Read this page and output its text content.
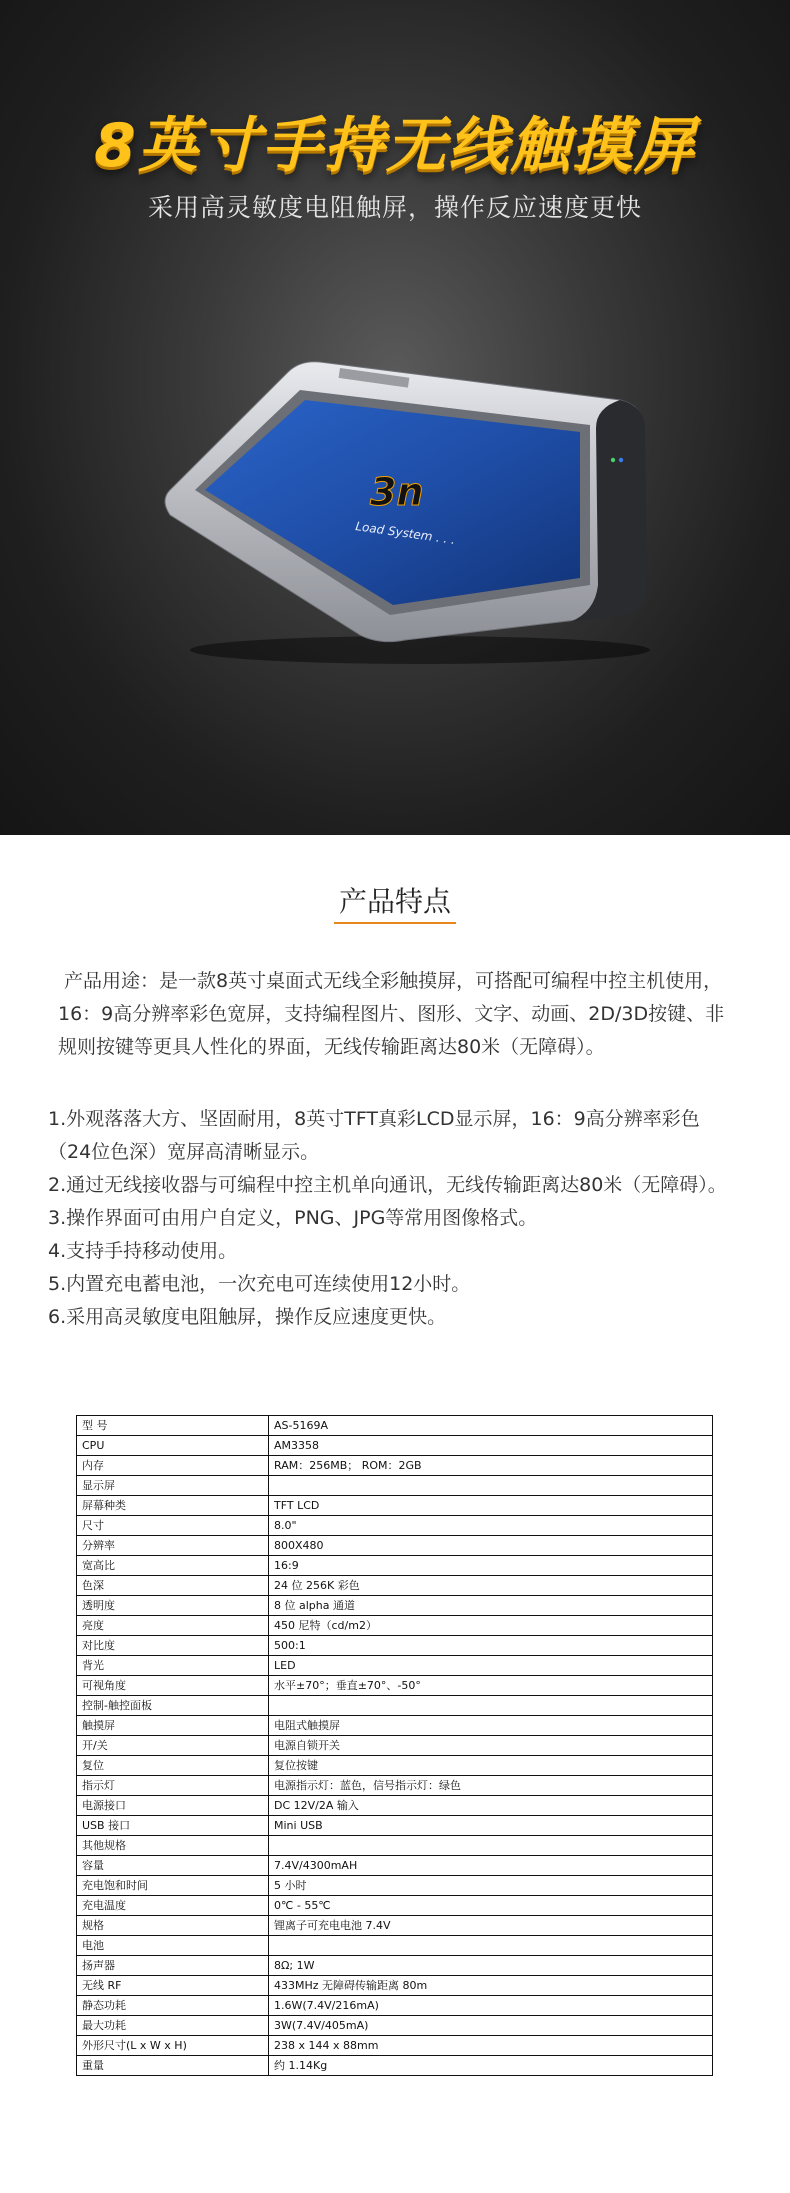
8英寸手持无线触摸屏
采用高灵敏度电阻触屏，操作反应速度更快
3n
Load System . . .
产品特点
产品用途：是一款8英寸桌面式无线全彩触摸屏，可搭配可编程中控主机使用，16：9高分辨率彩色宽屏，支持编程图片、图形、文字、动画、2D/3D按键、非规则按键等更具人性化的界面，无线传输距离达80米（无障碍）。
1.外观落落大方、坚固耐用，8英寸TFT真彩LCD显示屏，16：9高分辨率彩色（24位色深）宽屏高清晰显示。
2.通过无线接收器与可编程中控主机单向通讯，无线传输距离达80米（无障碍）。
3.操作界面可由用户自定义，PNG、JPG等常用图像格式。
4.支持手持移动使用。
5.内置充电蓄电池，一次充电可连续使用12小时。
6.采用高灵敏度电阻触屏，操作反应速度更快。
型 号	AS-5169A
CPU	AM3358
内存	RAM：256MB； ROM：2GB
显示屏	
屏幕种类	TFT LCD
尺寸	8.0"
分辨率	800X480
宽高比	16:9
色深	24 位 256K 彩色
透明度	8 位 alpha 通道
亮度	450 尼特（cd/m2）
对比度	500:1
背光	LED
可视角度	水平±70°；垂直±70°、-50°
控制-触控面板	
触摸屏	电阻式触摸屏
开/关	电源自锁开关
复位	复位按键
指示灯	电源指示灯：蓝色，信号指示灯：绿色
电源接口	DC 12V/2A 输入
USB 接口	Mini USB
其他规格	
容量	7.4V/4300mAH
充电饱和时间	5 小时
充电温度	0℃ - 55℃
规格	锂离子可充电电池 7.4V
电池	
扬声器	8Ω; 1W
无线 RF	433MHz 无障碍传输距离 80m
静态功耗	1.6W(7.4V/216mA)
最大功耗	3W(7.4V/405mA)
外形尺寸(L x W x H)	238 x 144 x 88mm
重量	约 1.14Kg
